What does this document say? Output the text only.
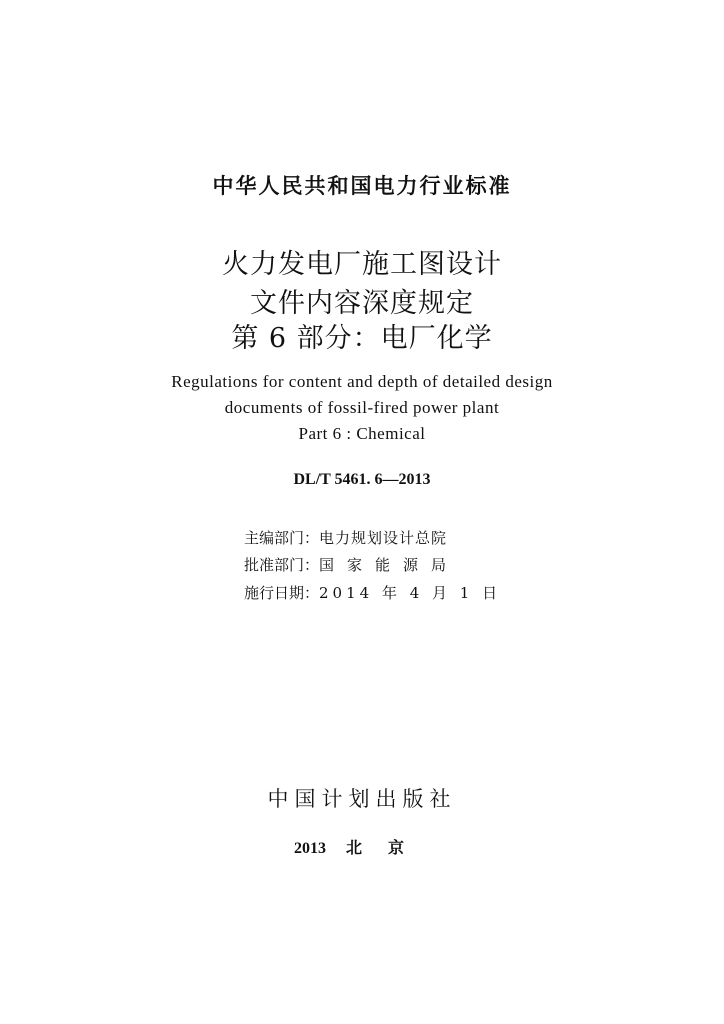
中华人民共和国电力行业标准
火力发电厂施工图设计
文件内容深度规定
第 6 部分：电厂化学
Regulations for content and depth of detailed design
documents of fossil-fired power plant
Part 6 : Chemical
DL/T 5461. 6—2013
主编部门：电力规划设计总院
批准部门：国家能源局
施行日期：2014 年 4 月 1 日
中国计划出版社
2013 北京
